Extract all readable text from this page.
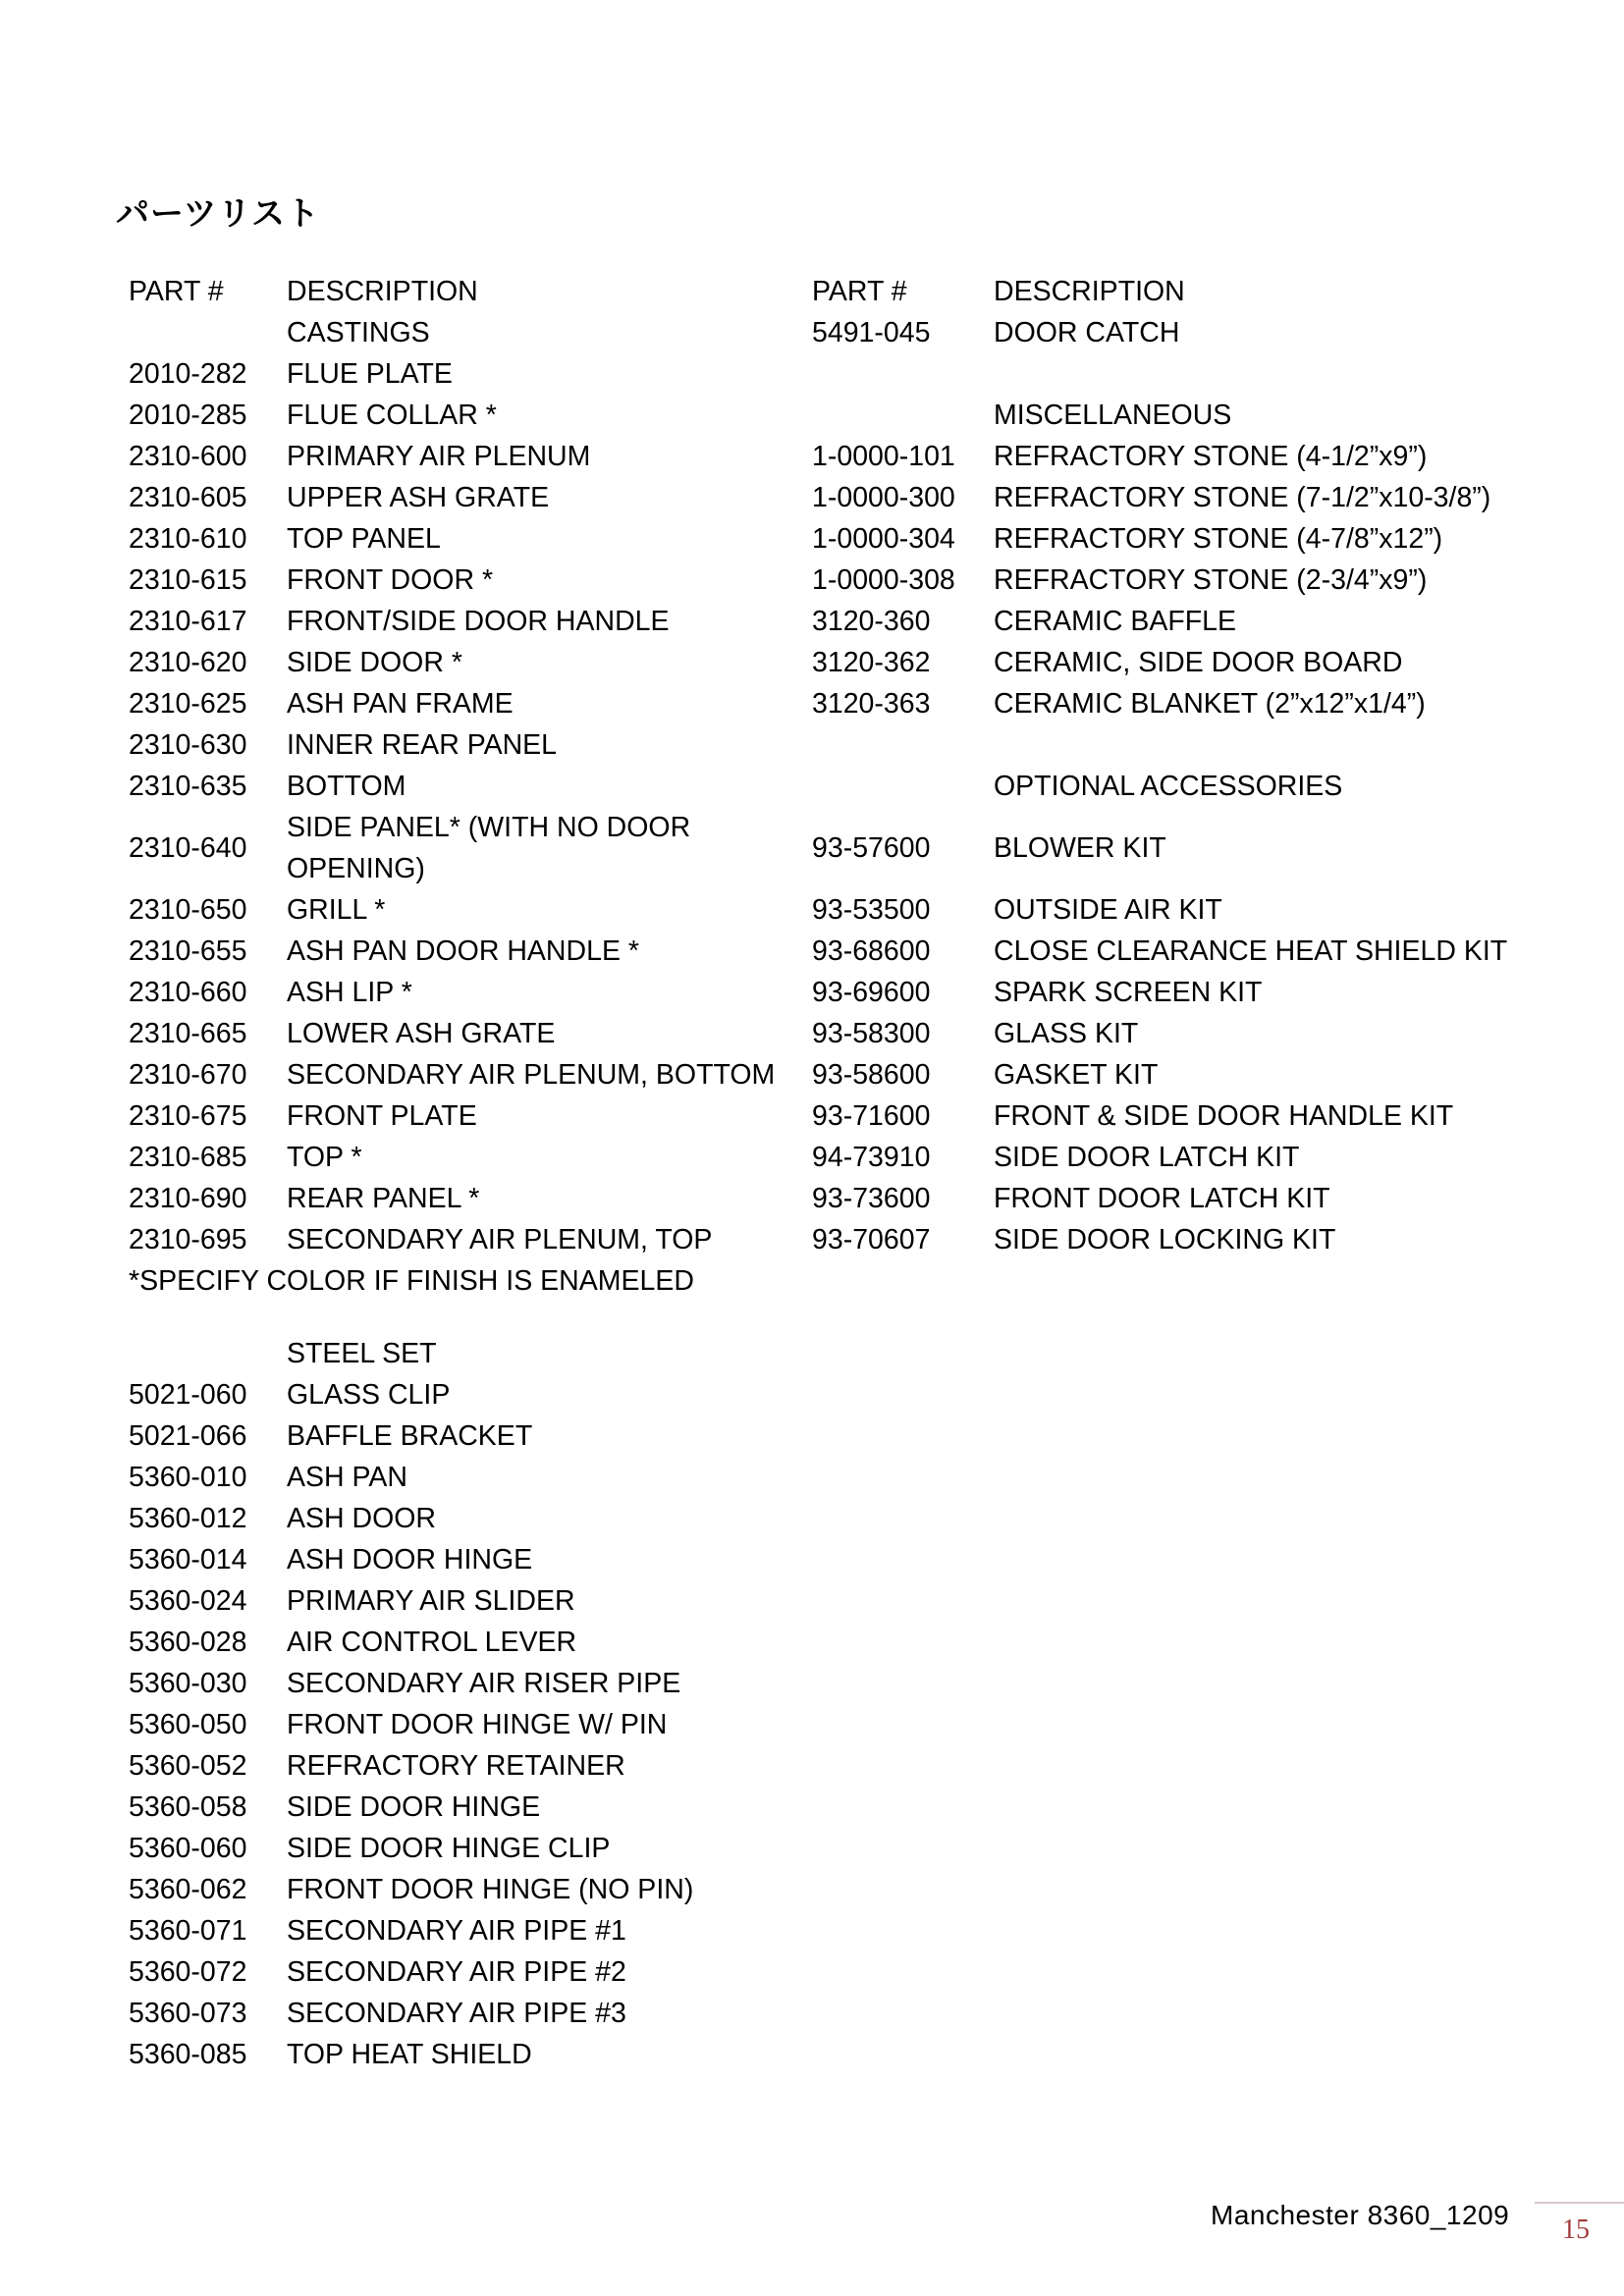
パーツリスト
PART #	DESCRIPTION
	CASTINGS
2010-282	FLUE PLATE
2010-285	FLUE COLLAR *
2310-600	PRIMARY AIR PLENUM
2310-605	UPPER ASH GRATE
2310-610	TOP PANEL
2310-615	FRONT DOOR *
2310-617	FRONT/SIDE DOOR HANDLE
2310-620	SIDE DOOR *
2310-625	ASH PAN FRAME
2310-630	INNER REAR PANEL
2310-635	BOTTOM
2310-640	SIDE PANEL* (WITH NO DOOR OPENING)
2310-650	GRILL *
2310-655	ASH PAN DOOR HANDLE *
2310-660	ASH LIP *
2310-665	LOWER ASH GRATE
2310-670	SECONDARY AIR PLENUM, BOTTOM
2310-675	FRONT PLATE
2310-685	TOP *
2310-690	REAR PANEL *
2310-695	SECONDARY AIR PLENUM, TOP
*SPECIFY COLOR IF FINISH IS ENAMELED	

	STEEL SET
5021-060	GLASS CLIP
5021-066	BAFFLE BRACKET
5360-010	ASH PAN
5360-012	ASH DOOR
5360-014	ASH DOOR HINGE
5360-024	PRIMARY AIR SLIDER
5360-028	AIR CONTROL LEVER
5360-030	SECONDARY AIR RISER PIPE
5360-050	FRONT DOOR HINGE W/ PIN
5360-052	REFRACTORY RETAINER
5360-058	SIDE DOOR HINGE
5360-060	SIDE DOOR HINGE CLIP
5360-062	FRONT DOOR HINGE (NO PIN)
5360-071	SECONDARY AIR PIPE #1
5360-072	SECONDARY AIR PIPE #2
5360-073	SECONDARY AIR PIPE #3
5360-085	TOP HEAT SHIELD
PART #	DESCRIPTION
5491-045	DOOR CATCH

	MISCELLANEOUS
1-0000-101	REFRACTORY STONE (4-1/2”x9”)
1-0000-300	REFRACTORY STONE (7-1/2”x10-3/8”)
1-0000-304	REFRACTORY STONE (4-7/8”x12”)
1-0000-308	REFRACTORY STONE (2-3/4”x9”)
3120-360	CERAMIC BAFFLE
3120-362	CERAMIC, SIDE DOOR BOARD
3120-363	CERAMIC BLANKET (2”x12”x1/4”)

	OPTIONAL ACCESSORIES
93-57600	BLOWER KIT
93-53500	OUTSIDE AIR KIT
93-68600	CLOSE CLEARANCE HEAT SHIELD KIT
93-69600	SPARK SCREEN KIT
93-58300	GLASS KIT
93-58600	GASKET KIT
93-71600	FRONT & SIDE DOOR HANDLE KIT
94-73910	SIDE DOOR LATCH KIT
93-73600	FRONT DOOR LATCH KIT
93-70607	SIDE DOOR LOCKING KIT
Manchester 8360_1209 15
